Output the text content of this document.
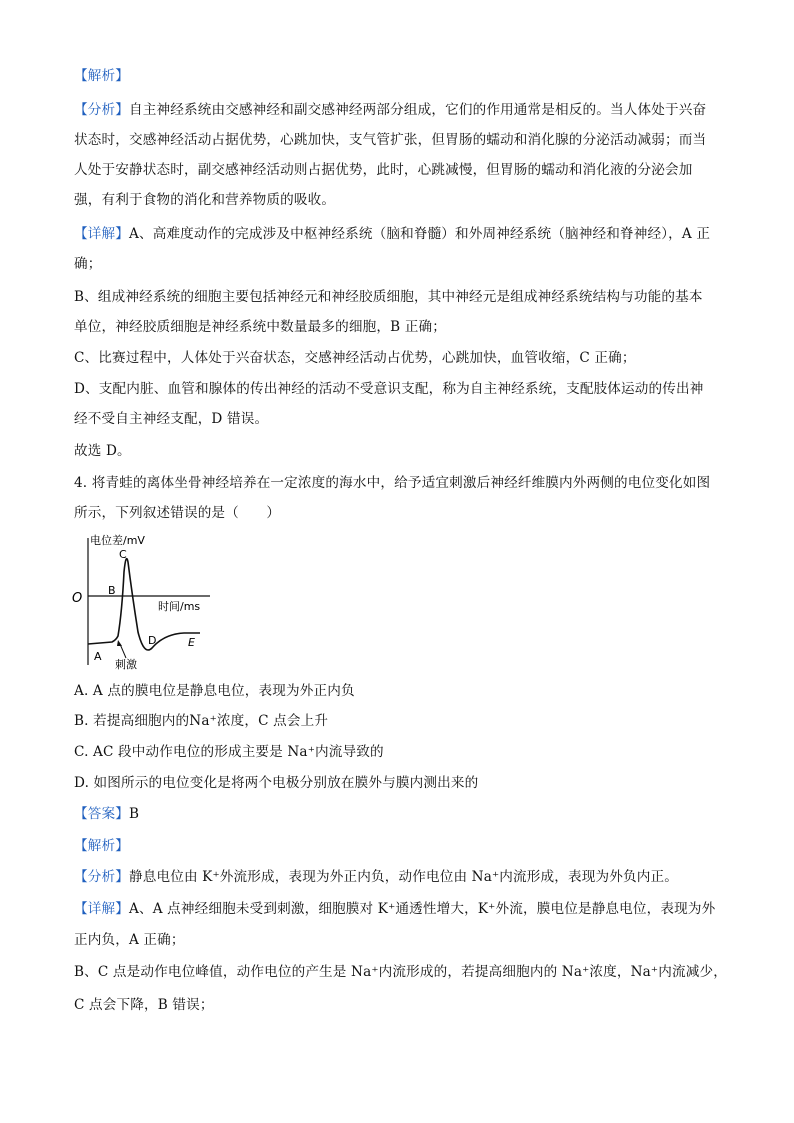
【解析】
【分析】自主神经系统由交感神经和副交感神经两部分组成，它们的作用通常是相反的。当人体处于兴奋
状态时，交感神经活动占据优势，心跳加快，支气管扩张，但胃肠的蠕动和消化腺的分泌活动减弱；而当
人处于安静状态时，副交感神经活动则占据优势，此时，心跳减慢，但胃肠的蠕动和消化液的分泌会加
强，有利于食物的消化和营养物质的吸收。
【详解】A、高难度动作的完成涉及中枢神经系统（脑和脊髓）和外周神经系统（脑神经和脊神经），A 正
确；
B、组成神经系统的细胞主要包括神经元和神经胶质细胞，其中神经元是组成神经系统结构与功能的基本
单位，神经胶质细胞是神经系统中数量最多的细胞，B 正确；
C、比赛过程中，人体处于兴奋状态，交感神经活动占优势，心跳加快，血管收缩，C 正确；
D、支配内脏、血管和腺体的传出神经的活动不受意识支配，称为自主神经系统，支配肢体运动的传出神
经不受自主神经支配，D 错误。
故选 D。
4. 将青蛙的离体坐骨神经培养在一定浓度的海水中，给予适宜刺激后神经纤维膜内外两侧的电位变化如图
所示，下列叙述错误的是（　　）
电位差/mV
时间/ms
O
刺激
A
B
C
D	E
A. A 点的膜电位是静息电位，表现为外正内负
B. 若提高细胞内的Na⁺浓度，C 点会上升
C. AC 段中动作电位的形成主要是 Na⁺内流导致的
D. 如图所示的电位变化是将两个电极分别放在膜外与膜内测出来的
【答案】B
【解析】
【分析】静息电位由 K⁺外流形成，表现为外正内负，动作电位由 Na⁺内流形成，表现为外负内正。
【详解】A、A 点神经细胞未受到刺激，细胞膜对 K⁺通透性增大，K⁺外流，膜电位是静息电位，表现为外
正内负，A 正确；
B、C 点是动作电位峰值，动作电位的产生是 Na⁺内流形成的，若提高细胞内的 Na⁺浓度，Na⁺内流减少，
C 点会下降，B 错误；
